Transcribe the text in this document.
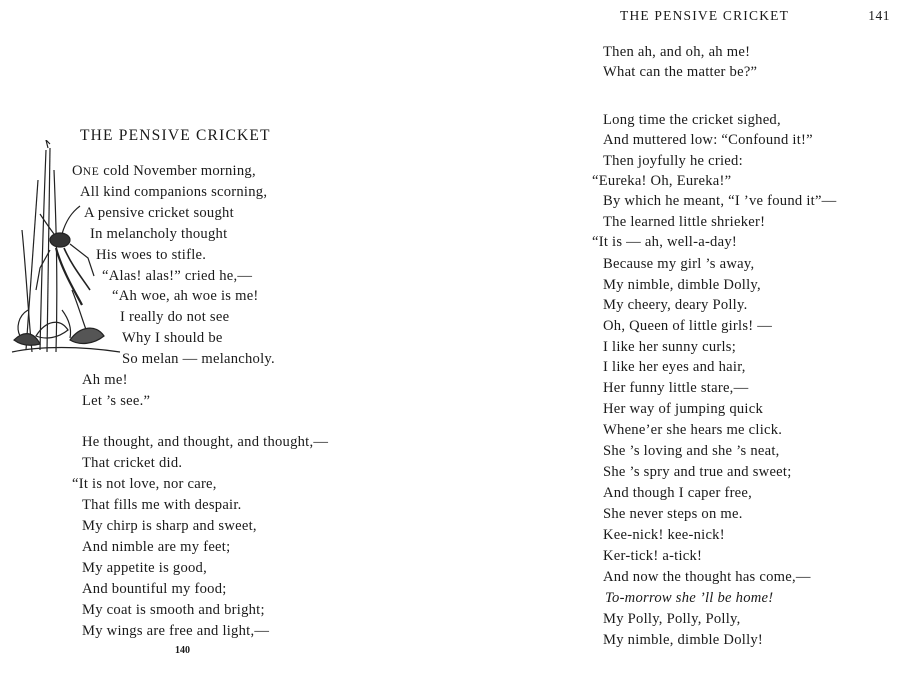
THE PENSIVE CRICKET
ONE cold November morning,
All kind companions scorning,
A pensive cricket sought
In melancholy thought
His woes to stifle.
“Alas! alas!” cried he,—
“Ah woe, ah woe is me!
I really do not see
Why I should be
So melan — melancholy.
Ah me!
Let ’s see.”
He thought, and thought, and thought,—
That cricket did.
“It is not love, nor care,
That fills me with despair.
My chirp is sharp and sweet,
And nimble are my feet;
My appetite is good,
And bountiful my food;
My coat is smooth and bright;
My wings are free and light,—
140
THE PENSIVE CRICKET	141
Then ah, and oh, ah me!
What can the matter be?”
Long time the cricket sighed,
And muttered low: “Confound it!”
Then joyfully he cried:
“Eureka! Oh, Eureka!”
By which he meant, “I ’ve found it”—
The learned little shrieker!
“It is — ah, well-a-day!
Because my girl ’s away,
My nimble, dimble Dolly,
My cheery, deary Polly.
Oh, Queen of little girls! —
I like her sunny curls;
I like her eyes and hair,
Her funny little stare,—
Her way of jumping quick
Whene’er she hears me click.
She ’s loving and she ’s neat,
She ’s spry and true and sweet;
And though I caper free,
She never steps on me.
Kee-nick! kee-nick!
Ker-tick! a-tick!
And now the thought has come,—
To-morrow she ’ll be home!
My Polly, Polly, Polly,
My nimble, dimble Dolly!
